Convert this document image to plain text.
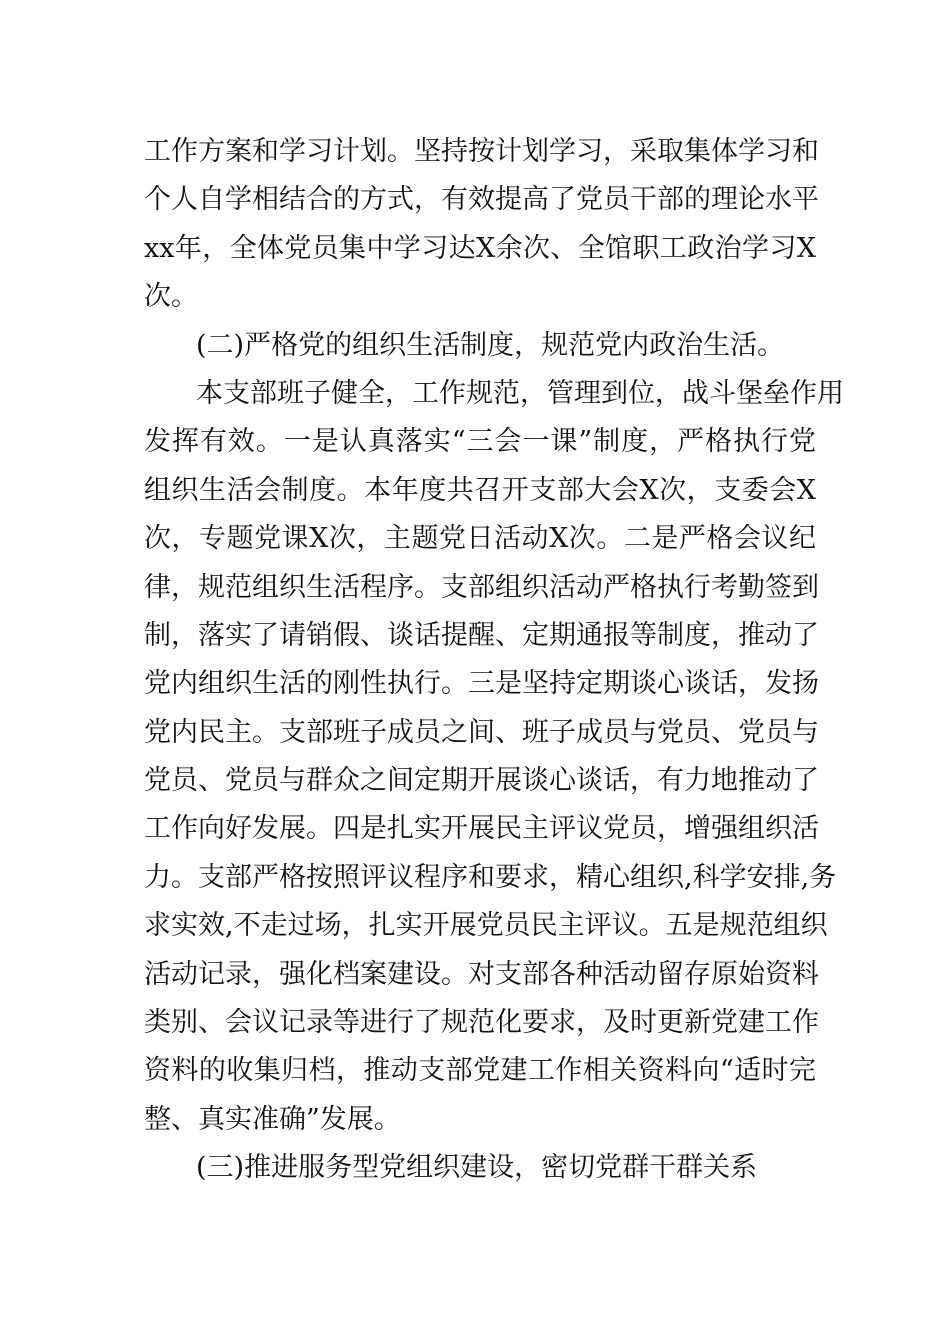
工作方案和学习计划。坚持按计划学习，采取集体学习和
个人自学相结合的方式，有效提高了党员干部的理论水平
xx年，全体党员集中学习达X余次、全馆职工政治学习X
次。
(二)严格党的组织生活制度，规范党内政治生活。
本支部班子健全，工作规范，管理到位，战斗堡垒作用
发挥有效。一是认真落实“三会一课”制度，严格执行党
组织生活会制度。本年度共召开支部大会X次，支委会X
次，专题党课X次，主题党日活动X次。二是严格会议纪
律，规范组织生活程序。支部组织活动严格执行考勤签到
制，落实了请销假、谈话提醒、定期通报等制度，推动了
党内组织生活的刚性执行。三是坚持定期谈心谈话，发扬
党内民主。支部班子成员之间、班子成员与党员、党员与
党员、党员与群众之间定期开展谈心谈话，有力地推动了
工作向好发展。四是扎实开展民主评议党员，增强组织活
力。支部严格按照评议程序和要求，精心组织,科学安排,务
求实效,不走过场，扎实开展党员民主评议。五是规范组织
活动记录，强化档案建设。对支部各种活动留存原始资料
类别、会议记录等进行了规范化要求，及时更新党建工作
资料的收集归档，推动支部党建工作相关资料向“适时完
整、真实准确”发展。
(三)推进服务型党组织建设，密切党群干群关系
